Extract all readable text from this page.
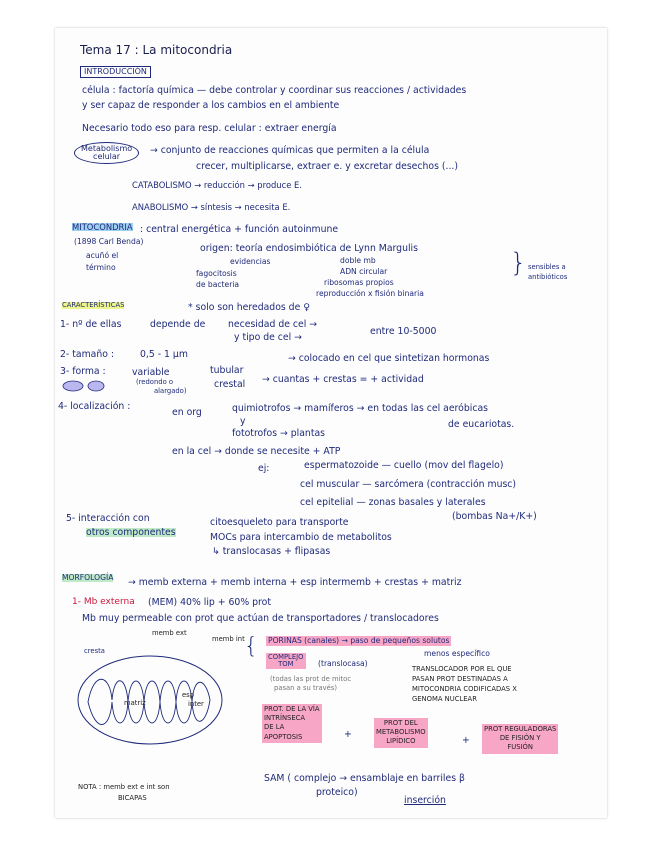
Tema 17 : La mitocondria
INTRODUCCIÓN
célula : factoría química — debe controlar y coordinar sus reacciones / actividades
y ser capaz de responder a los cambios en el ambiente
Necesario todo eso para resp. celular : extraer energía
Metabolismo
celular
→ conjunto de reacciones químicas que permiten a la célula
crecer, multiplicarse, extraer e. y excretar desechos (...)
CATABOLISMO → reducción → produce E.
ANABOLISMO → síntesis → necesita E.
MITOCONDRIA : central energética + función autoinmune
(1898 Carl Benda)
acuñó el
término
origen: teoría endosimbiótica de Lynn Margulis
evidencias
fagocitosis
de bacteria
doble mb
ADN circular
ribosomas propios
reproducción x fisión binaria
} sensibles a
antibióticos
CARACTERÍSTICAS	* solo son heredados de ♀
1- nº de ellas	depende de necesidad de cel →
y tipo de cel →
entre 10-5000
2- tamaño :	0,5 - 1 µm	→ colocado en cel que sintetizan hormonas
3- forma :	variable
(redondo o
alargado)
tubular
crestal → cuantas + crestas = + actividad
4- localización :
en org	quimiotrofos → mamíferos → en todas las cel aeróbicas
de eucariotas.
y
fototrofos → plantas
en la cel → donde se necesite + ATP
ej:	espermatozoide — cuello (mov del flagelo)
cel muscular — sarcómera (contracción musc)
cel epitelial — zonas basales y laterales
(bombas Na+/K+)
5- interacción con
otros componentes
citoesqueleto para transporte
MOCs para intercambio de metabolitos
↳ translocasas + flipasas
MORFOLOGÍA → memb externa + memb interna + esp intermemb + crestas + matriz
1- Mb externa (MEM) 40% lip + 60% prot
Mb muy permeable con prot que actúan de transportadores / translocadores
cresta
memb ext
memb int
matriz
esp
inter
NOTA : memb ext e int son
BICAPAS
{ PORINAS (canales) → paso de pequeños solutos
menos específico
COMPLEJO
TOM	(translocasa)
(todas las prot de mitoc
pasan a su través)
TRANSLOCADOR POR EL QUE
PASAN PROT DESTINADAS A
MITOCONDRIA CODIFICADAS X
GENOMA NUCLEAR
PROT. DE LA VÍA
INTRÍNSECA
DE LA
APOPTOSIS	+
PROT DEL
METABOLISMO
LIPÍDICO	+
PROT REGULADORAS
DE FISIÓN Y
FUSIÓN
SAM ( complejo → ensamblaje en barriles β
proteico)
inserción
